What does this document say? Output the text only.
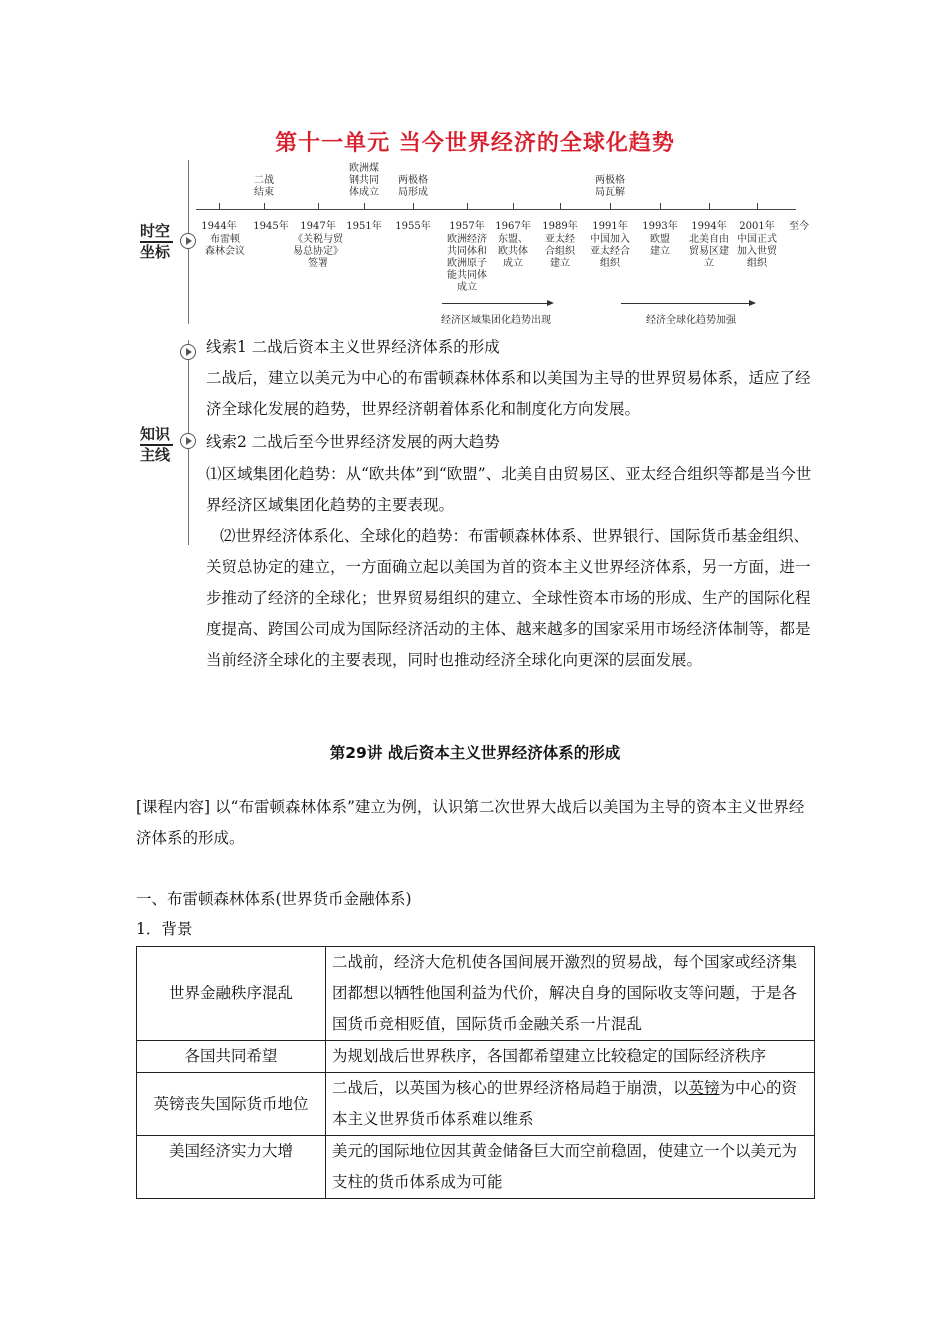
第十一单元 当今世界经济的全球化趋势
时空
坐标
知识
主线
二战
结束
欧洲煤
钢共同
体成立
两极格
局形成
两极格
局瓦解
1944年	1945年	1947年	1951年	1955年	1957年	1967年	1989年	1991年	1993年	1994年	2001年	至今
布雷顿
森林会议
《关税与贸
易总协定》
签署
欧洲经济
共同体和
欧洲原子
能共同体
成立
东盟、
欧共体
成立
亚太经
合组织
建立
中国加入
亚太经合
组织
欧盟
建立
北美自由
贸易区建
立
中国正式
加入世贸
组织
经济区域集团化趋势出现	经济全球化趋势加强
线索1 二战后资本主义世界经济体系的形成
二战后，建立以美元为中心的布雷顿森林体系和以美国为主导的世界贸易体系，适应了经济全球化发展的趋势，世界经济朝着体系化和制度化方向发展。
线索2 二战后至今世界经济发展的两大趋势
⑴区域集团化趋势：从“欧共体”到“欧盟”、北美自由贸易区、亚太经合组织等都是当今世界经济区域集团化趋势的主要表现。
⑵世界经济体系化、全球化的趋势：布雷顿森林体系、世界银行、国际货币基金组织、关贸总协定的建立，一方面确立起以美国为首的资本主义世界经济体系，另一方面，进一步推动了经济的全球化；世界贸易组织的建立、全球性资本市场的形成、生产的国际化程度提高、跨国公司成为国际经济活动的主体、越来越多的国家采用市场经济体制等，都是当前经济全球化的主要表现，同时也推动经济全球化向更深的层面发展。
第29讲 战后资本主义世界经济体系的形成
[课程内容] 以“布雷顿森林体系”建立为例，认识第二次世界大战后以美国为主导的资本主义世界经济体系的形成。
一、布雷顿森林体系(世界货币金融体系)
1．背景
世界金融秩序混乱	二战前，经济大危机使各国间展开激烈的贸易战，每个国家或经济集团都想以牺牲他国利益为代价，解决自身的国际收支等问题，于是各国货币竞相贬值，国际货币金融关系一片混乱
各国共同希望	为规划战后世界秩序，各国都希望建立比较稳定的国际经济秩序
英镑丧失国际货币地位	二战后，以英国为核心的世界经济格局趋于崩溃，以英镑为中心的资本主义世界货币体系难以维系
美国经济实力大增	美元的国际地位因其黄金储备巨大而空前稳固，使建立一个以美元为支柱的货币体系成为可能
